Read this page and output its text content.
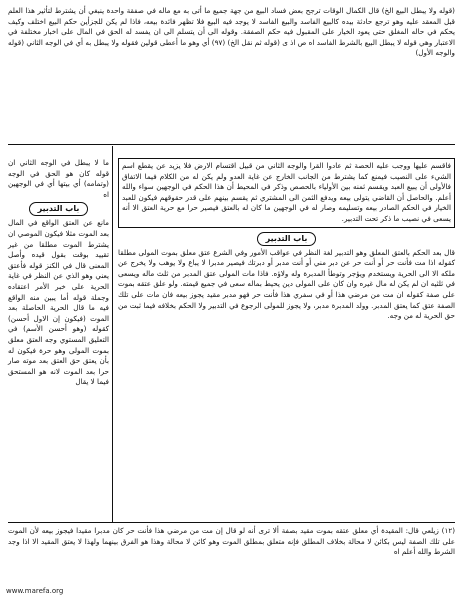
(قوله ولا يبطل البيع الخ) قال الكمال الوقات ترجح بعض فساد البيع من جهة جميع ما أتى به مع ماله في صفقة واحدة ينبغي أن يشترط لتأثير هذا العلم قبل المعقد عليه وهو ترجع حادثة بيده كالبيع الفاسد والبيع الفاسد لا يوجد فيه البيع فلا تظهر فائدة بيعه، فاذا لم يكن للجزأين حكم البيع اختلف وكيف يحكم في حاله المغلق حتى يعود الخيار على المقبول فيه حكم الصفقة. وقوله الى أن يتسلم الى ان يفسد له الحق في المال على اخبار مختلفة في الاعتبار وهي قوله لا يبطل البيع بالشرط الفاسد اه ص اذ ى (قوله ثم نقل الخ) (٩٧) أي وهو ما أعطى قولين فقوله ولا يبطل به أي في الوجه الثاني (قوله والوجه الأول)

ما لا يبطل في الوجه الثاني ان قوله كان هو الحق في الوجه (وتمامه) أي بيتها أي في الوجهين اه

باب التدبير

مانع عن العتق الواقع في المال بعد الموت مثلا فيكون الموصي ان يشترط الموت مطلقا من غير تقييد بوقت بقول قيده وأصل المعنى قال في الكنز قوله فأعتق يعني وهو الذي عن النظر في غاية الحرية على خبر الأمر اعتقاده وجملة قوله أما يبين منه الواقع فيه ما قال الحرية الحاصلة بعد الموت (فيكون إن الاول أحسن) كقوله (وهو أحسن الأسم) في التعليق المستوي وجه العتق معلق بموت المولى وهو حرة فيكون له بأن يعتق حق العتق بعد موته صار حرا بعد الموت لانه هو المستحق فيما لا يقال

فاقسم عليها ووجب عليه الحصة ثم عادوا القرا والوجه الثاني من قبيل اقتسام الارض فلا يزيد عن يقطع اسم الشيء على النصيب فيمنع كما يشترط من الجانب الخارج عن غاية العدو ولم يكن له من الكلام فيما الاتفاق فالأولى أن يبيع العبد ويقسم ثمنه بين الأولياء بالحصص وذكر في المحيط أن هذا الحكم في الوجهين سواء والله أعلم. والحاصل أن القاضي يتولى بيعه ويدفع الثمن الى المشتري ثم يقسم بينهم على قدر حقوقهم فيكون للعبد الخيار في الحكم الصادر بيعه وتسليمه وصار له في الوجهين ما كان له بالعتق فيصير حرا مع حرية العتق الا أنه يسعى في نصيب ما ذكر تحت التدبير.

باب التدبير

قال بعد الحكم بالعتق المعلق وهو التدبير لغة النظر في عواقب الأمور وفي الشرع عتق معلق بموت المولى مطلقا كقوله اذا مت فأنت حر أو أنت حر عن دبر مني أو أنت مدبر أو دبرتك فيصير مدبرا لا يباع ولا يوهب ولا يخرج عن ملكه الا الى الحرية ويستخدم ويؤجر وتوطأ المدبرة وله ولاؤه. فاذا مات المولى عتق المدبر من ثلث ماله ويسعى في ثلثيه ان لم يكن له مال غيره وان كان على المولى دين يحيط بماله سعى في جميع قيمته. ولو علق عتقه بموت على صفة كقوله ان مت من مرضي هذا أو في سفري هذا فأنت حر فهو مدبر مقيد يجوز بيعه فان مات على تلك الصفة عتق كما يعتق المدبر. وولد المدبرة مدبر، ولا يجوز للمولى الرجوع في التدبير ولا الحكم بخلافه فيما ثبت من حق الحرية له من وجه.

(١٢) زيلعي قال: المقيدة أي معلق عتقه بموت مقيد بصفة ألا ترى أنه لو قال إن مت من مرضي هذا فأنت حر كان مدبرا مقيدا فيجوز بيعه لأن الموت على تلك الصفة ليس بكائن لا محالة بخلاف المطلق فإنه متعلق بمطلق الموت وهو كائن لا محالة وهذا هو الفرق بينهما ولهذا لا يعتق المقيد الا اذا وجد الشرط والله أعلم اه

www.marefa.org
